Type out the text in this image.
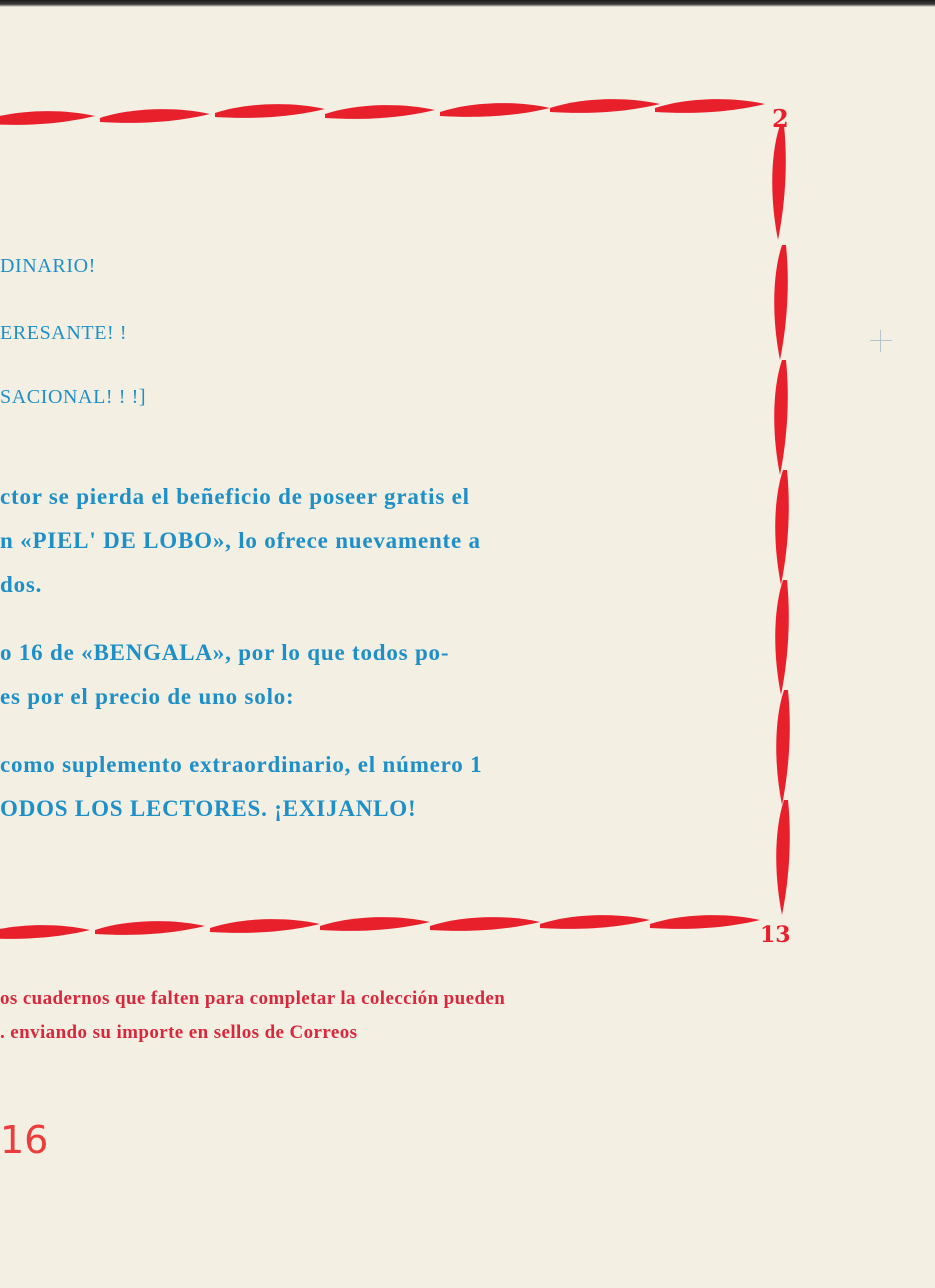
2
13
DINARIO!
ERESANTE! !
SACIONAL! ! !]
ctor se pierda el beñeficio de poseer gratis el
n «PIEL' DE LOBO», lo ofrece nuevamente a
dos.
o 16 de «BENGALA», por lo que todos po-
es por el precio de uno solo:
como suplemento extraordinario, el número 1
ODOS LOS LECTORES. ¡EXIJANLO!
os cuadernos que falten para completar la colección pueden
. enviando su importe en sellos de Correos
16
